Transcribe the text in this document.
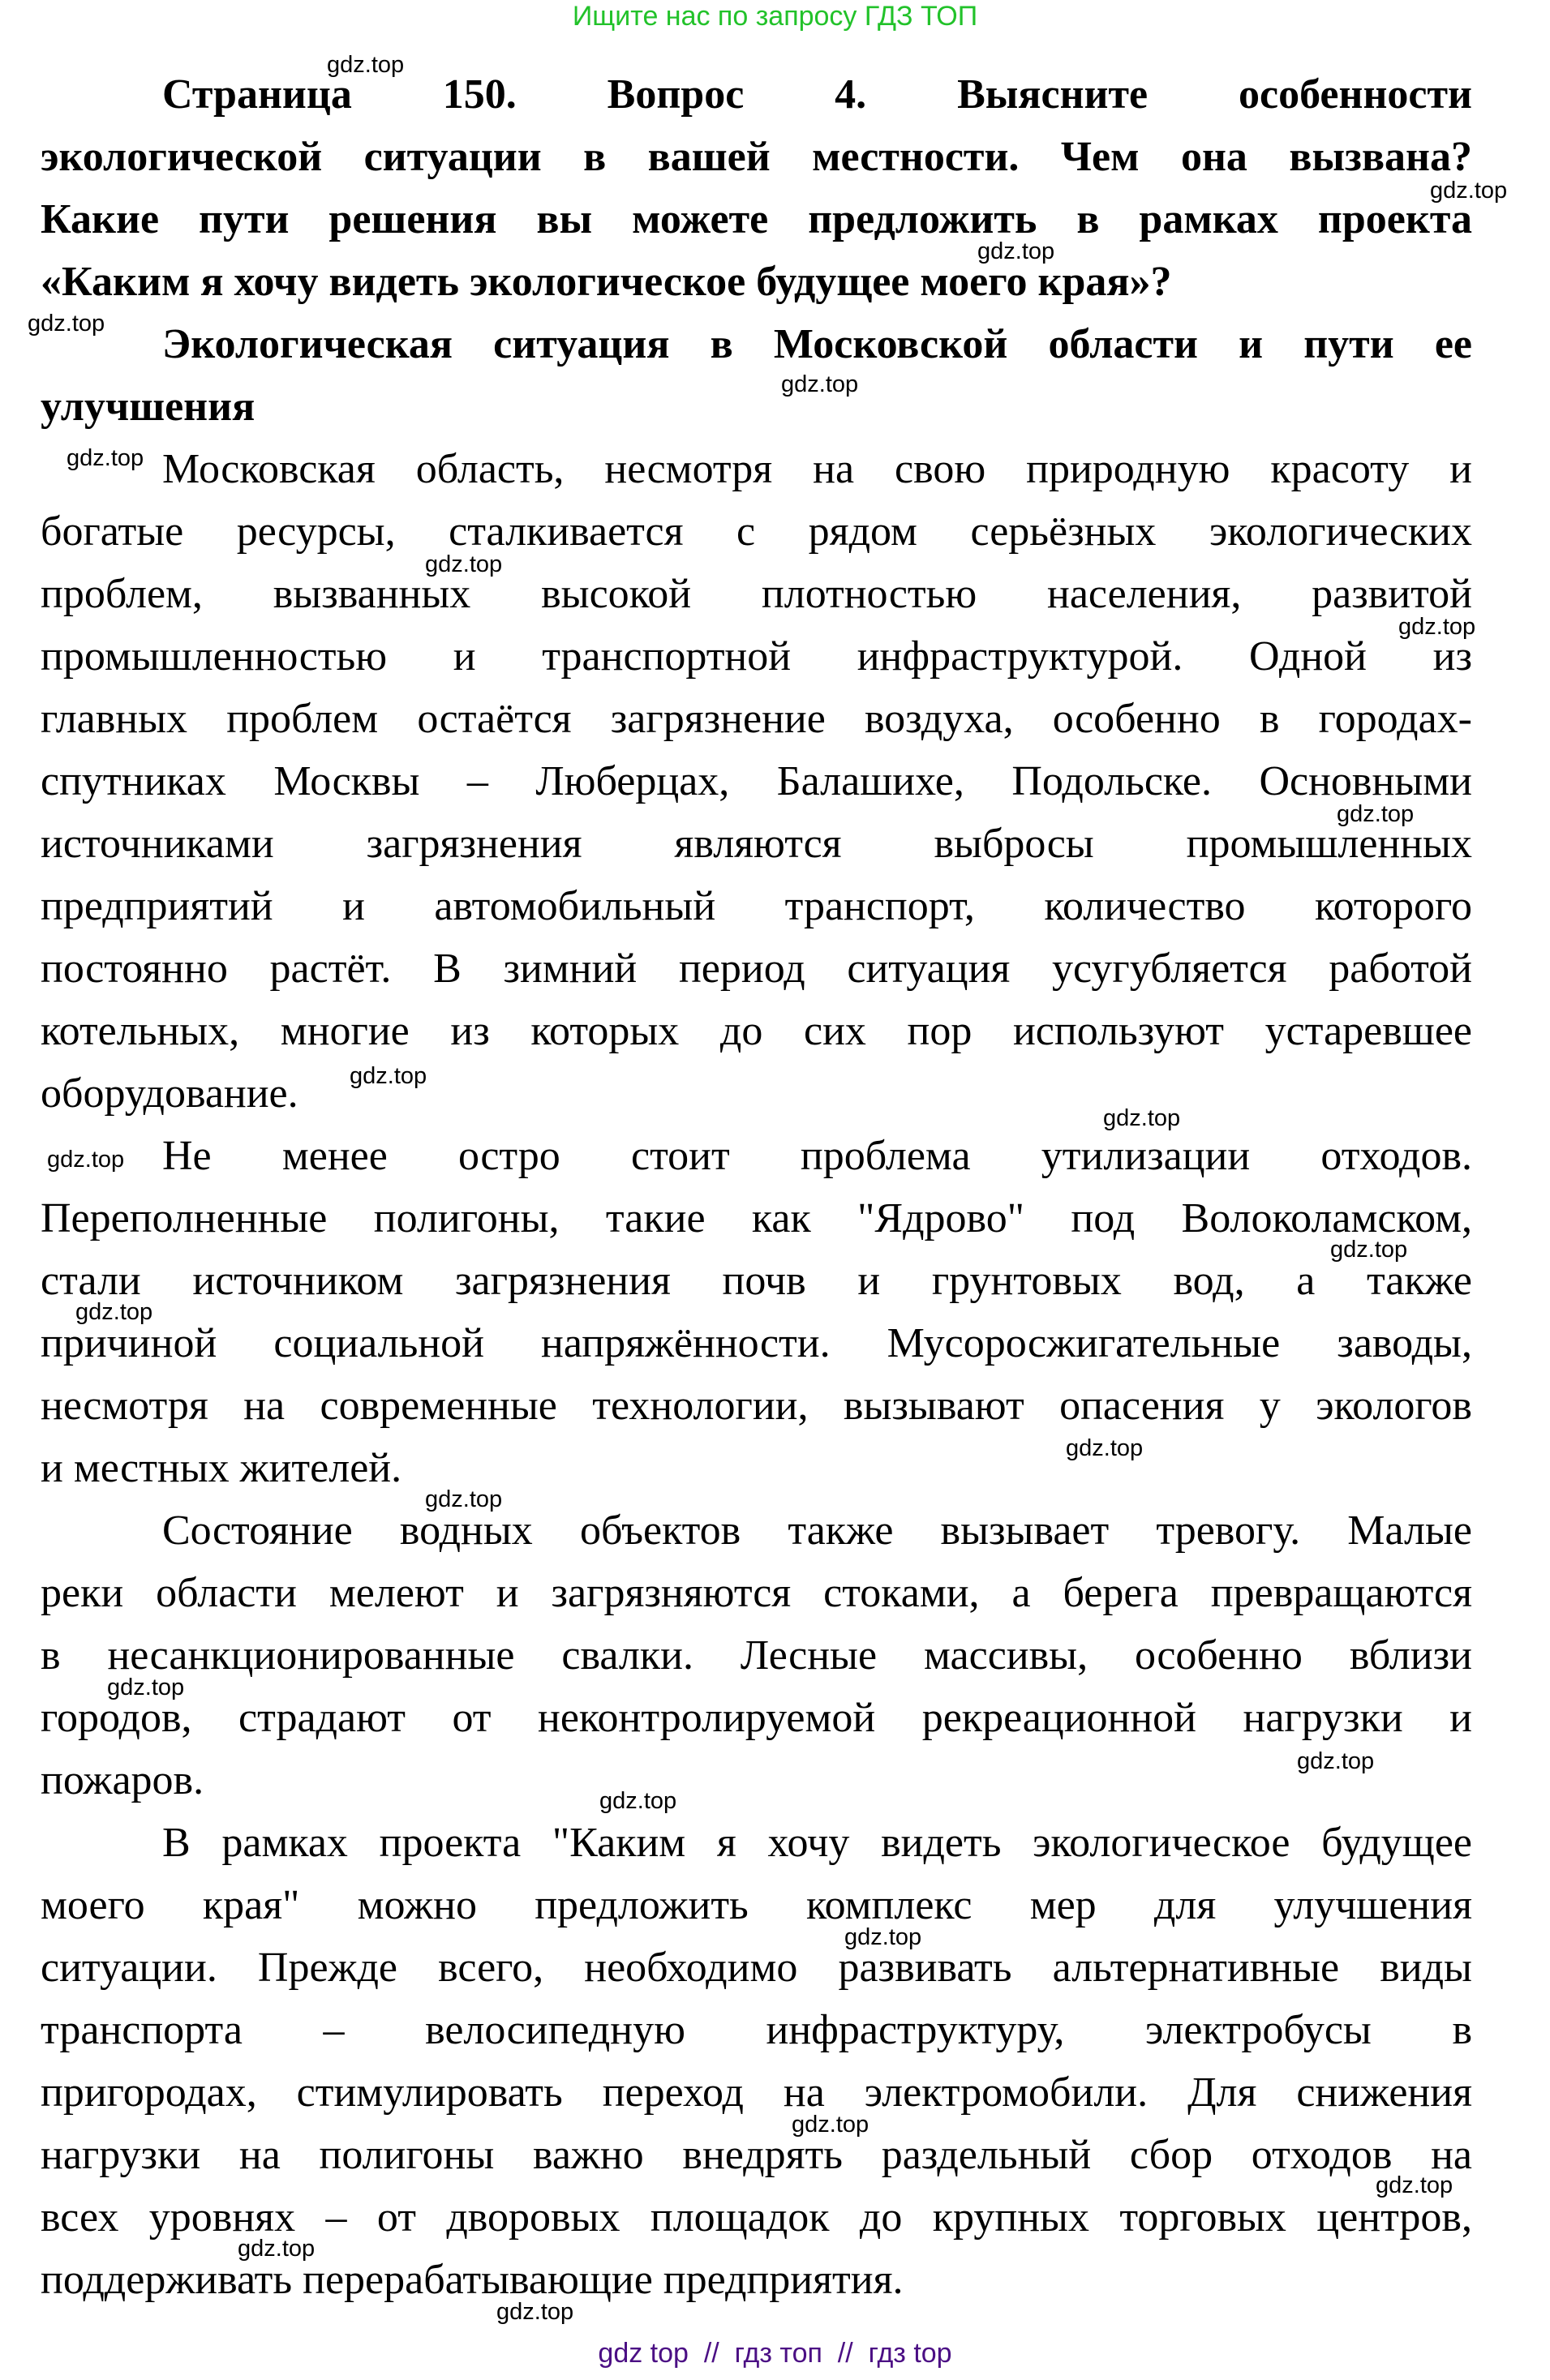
Ищите нас по запросу ГДЗ ТОП
Страница 150. Вопрос 4. Выясните особенности
экологической ситуации в вашей местности. Чем она вызвана?
Какие пути решения вы можете предложить в рамках проекта
«Каким я хочу видеть экологическое будущее моего края»?
Экологическая ситуация в Московской области и пути ее
улучшения
Московская область, несмотря на свою природную красоту и
богатые ресурсы, сталкивается с рядом серьёзных экологических
проблем, вызванных высокой плотностью населения, развитой
промышленностью и транспортной инфраструктурой. Одной из
главных проблем остаётся загрязнение воздуха, особенно в городах-
спутниках Москвы – Люберцах, Балашихе, Подольске. Основными
источниками загрязнения являются выбросы промышленных
предприятий и автомобильный транспорт, количество которого
постоянно растёт. В зимний период ситуация усугубляется работой
котельных, многие из которых до сих пор используют устаревшее
оборудование.
Не менее остро стоит проблема утилизации отходов.
Переполненные полигоны, такие как "Ядрово" под Волоколамском,
стали источником загрязнения почв и грунтовых вод, а также
причиной социальной напряжённости. Мусоросжигательные заводы,
несмотря на современные технологии, вызывают опасения у экологов
и местных жителей.
Состояние водных объектов также вызывает тревогу. Малые
реки области мелеют и загрязняются стоками, а берега превращаются
в несанкционированные свалки. Лесные массивы, особенно вблизи
городов, страдают от неконтролируемой рекреационной нагрузки и
пожаров.
В рамках проекта "Каким я хочу видеть экологическое будущее
моего края" можно предложить комплекс мер для улучшения
ситуации. Прежде всего, необходимо развивать альтернативные виды
транспорта – велосипедную инфраструктуру, электробусы в
пригородах, стимулировать переход на электромобили. Для снижения
нагрузки на полигоны важно внедрять раздельный сбор отходов на
всех уровнях – от дворовых площадок до крупных торговых центров,
поддерживать перерабатывающие предприятия.
gdz.top
gdz.top
gdz.top
gdz.top
gdz.top
gdz.top
gdz.top
gdz.top
gdz.top
gdz.top
gdz.top
gdz.top
gdz.top
gdz.top
gdz.top
gdz.top
gdz.top
gdz.top
gdz.top
gdz.top
gdz.top
gdz.top
gdz.top
gdz.top
gdz top  //  гдз топ  //  гдз top
